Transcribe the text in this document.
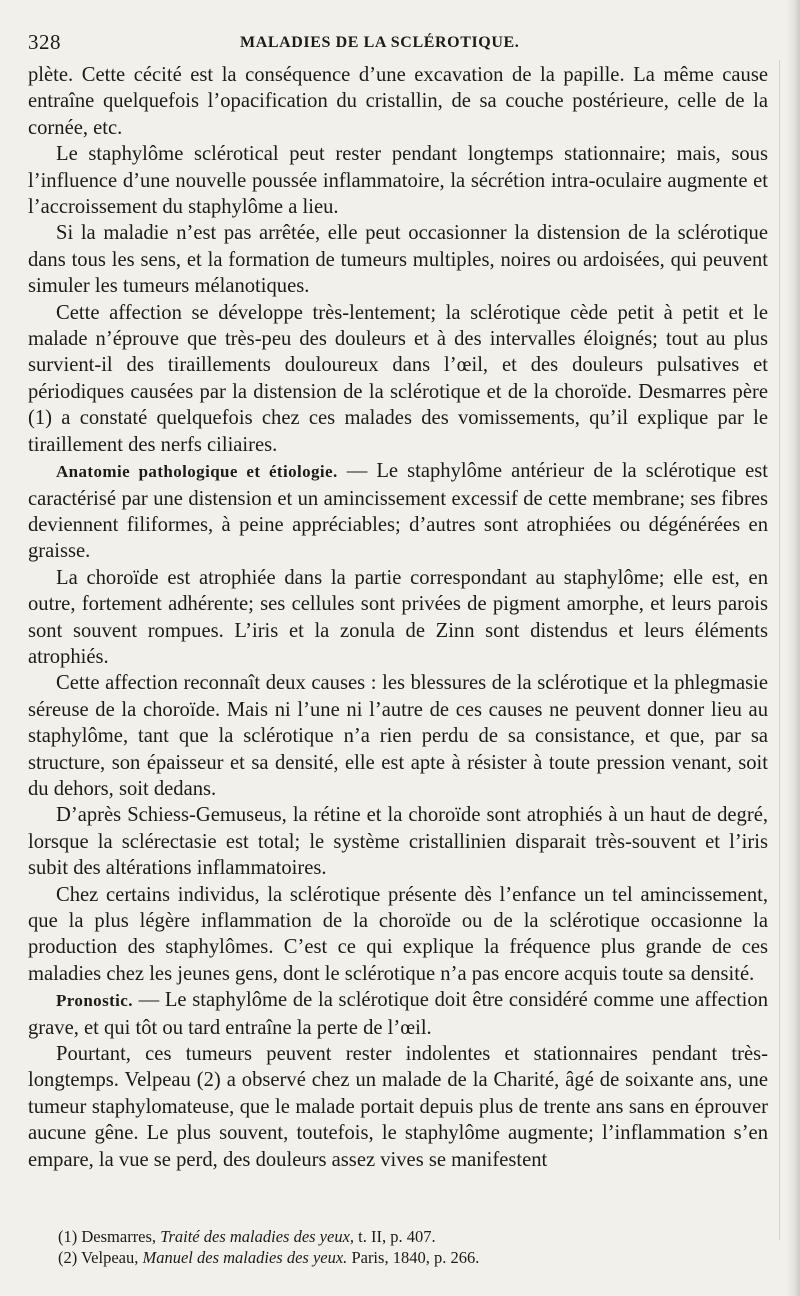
328	MALADIES DE LA SCLÉROTIQUE.

plète. Cette cécité est la conséquence d’une excavation de la papille. La même cause entraîne quelquefois l’opacification du cristallin, de sa couche postérieure, celle de la cornée, etc.

Le staphylôme sclérotical peut rester pendant longtemps stationnaire; mais, sous l’influence d’une nouvelle poussée inflammatoire, la sécrétion intra-oculaire augmente et l’accroissement du staphylôme a lieu.

Si la maladie n’est pas arrêtée, elle peut occasionner la distension de la sclérotique dans tous les sens, et la formation de tumeurs multiples, noires ou ardoisées, qui peuvent simuler les tumeurs mélanotiques.

Cette affection se développe très-lentement; la sclérotique cède petit à petit et le malade n’éprouve que très-peu des douleurs et à des intervalles éloignés; tout au plus survient-il des tiraillements douloureux dans l’œil, et des douleurs pulsatives et périodiques causées par la distension de la sclérotique et de la choroïde. Desmarres père (1) a constaté quelquefois chez ces malades des vomissements, qu’il explique par le tiraillement des nerfs ciliaires.

Anatomie pathologique et étiologie. — Le staphylôme antérieur de la sclérotique est caractérisé par une distension et un amincissement excessif de cette membrane; ses fibres deviennent filiformes, à peine appréciables; d’autres sont atrophiées ou dégénérées en graisse.

La choroïde est atrophiée dans la partie correspondant au staphylôme; elle est, en outre, fortement adhérente; ses cellules sont privées de pigment amorphe, et leurs parois sont souvent rompues. L’iris et la zonula de Zinn sont distendus et leurs éléments atrophiés.

Cette affection reconnaît deux causes : les blessures de la sclérotique et la phlegmasie séreuse de la choroïde. Mais ni l’une ni l’autre de ces causes ne peuvent donner lieu au staphylôme, tant que la sclérotique n’a rien perdu de sa consistance, et que, par sa structure, son épaisseur et sa densité, elle est apte à résister à toute pression venant, soit du dehors, soit dedans.

D’après Schiess-Gemuseus, la rétine et la choroïde sont atrophiés à un haut de degré, lorsque la sclérectasie est total; le système cristallinien disparait très-souvent et l’iris subit des altérations inflammatoires.

Chez certains individus, la sclérotique présente dès l’enfance un tel amincissement, que la plus légère inflammation de la choroïde ou de la sclérotique occasionne la production des staphylômes. C’est ce qui explique la fréquence plus grande de ces maladies chez les jeunes gens, dont le sclérotique n’a pas encore acquis toute sa densité.

Pronostic. — Le staphylôme de la sclérotique doit être considéré comme une affection grave, et qui tôt ou tard entraîne la perte de l’œil.

Pourtant, ces tumeurs peuvent rester indolentes et stationnaires pendant très-longtemps. Velpeau (2) a observé chez un malade de la Charité, âgé de soixante ans, une tumeur staphylomateuse, que le malade portait depuis plus de trente ans sans en éprouver aucune gêne. Le plus souvent, toutefois, le staphylôme augmente; l’inflammation s’en empare, la vue se perd, des douleurs assez vives se manifestent

(1) Desmarres, Traité des maladies des yeux, t. II, p. 407.

(2) Velpeau, Manuel des maladies des yeux. Paris, 1840, p. 266.
